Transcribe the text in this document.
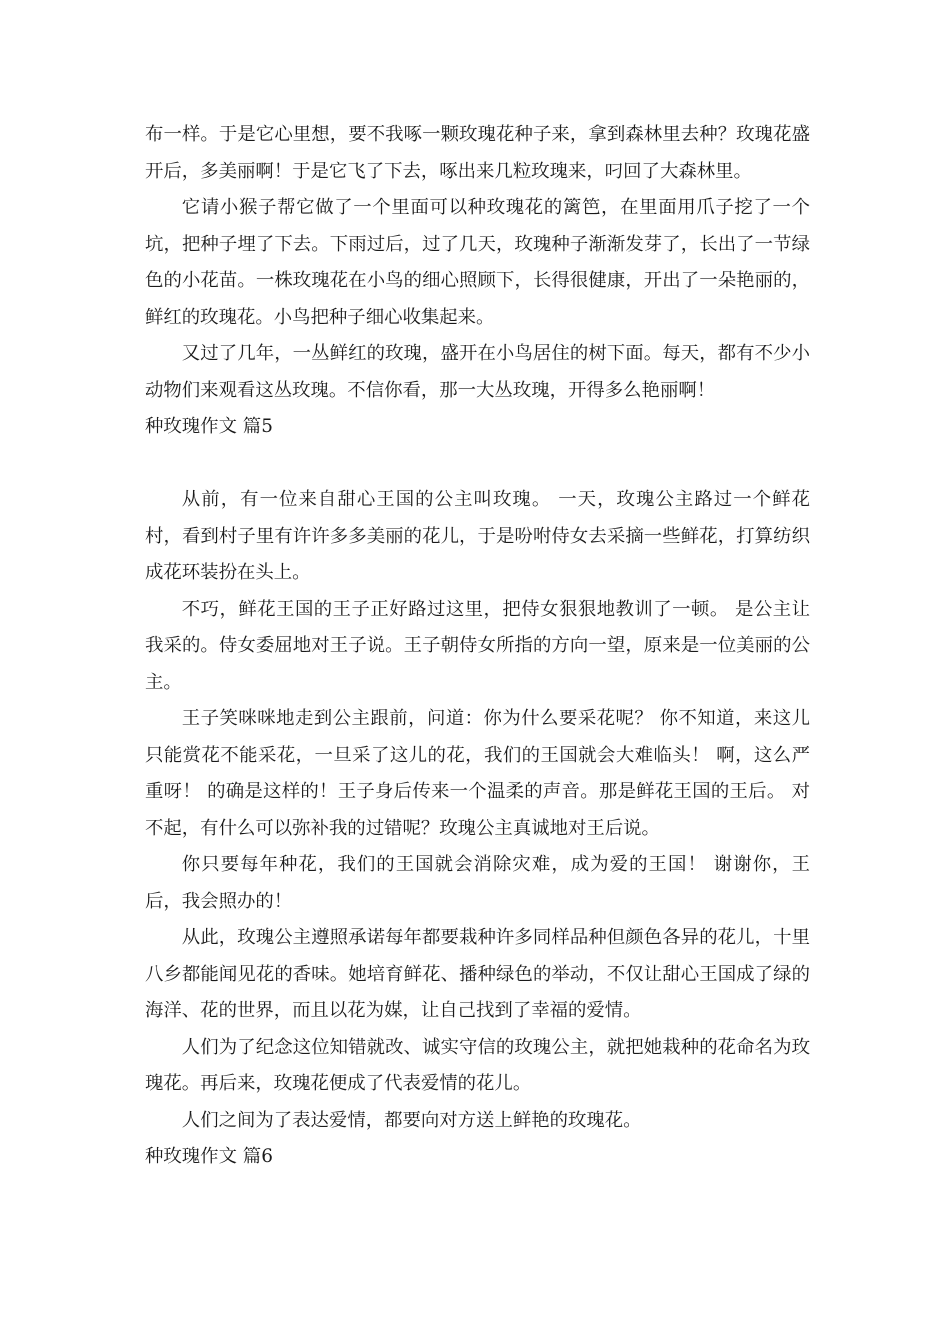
布一样。于是它心里想，要不我啄一颗玫瑰花种子来，拿到森林里去种？玫瑰花盛开后，多美丽啊！于是它飞了下去，啄出来几粒玫瑰来，叼回了大森林里。

它请小猴子帮它做了一个里面可以种玫瑰花的篱笆，在里面用爪子挖了一个坑，把种子埋了下去。下雨过后，过了几天，玫瑰种子渐渐发芽了，长出了一节绿色的小花苗。一株玫瑰花在小鸟的细心照顾下，长得很健康，开出了一朵艳丽的，鲜红的玫瑰花。小鸟把种子细心收集起来。

又过了几年，一丛鲜红的玫瑰，盛开在小鸟居住的树下面。每天，都有不少小动物们来观看这丛玫瑰。不信你看，那一大丛玫瑰，开得多么艳丽啊！

种玫瑰作文 篇5

从前，有一位来自甜心王国的公主叫玫瑰。 一天，玫瑰公主路过一个鲜花村，看到村子里有许许多多美丽的花儿，于是吩咐侍女去采摘一些鲜花，打算纺织成花环装扮在头上。

不巧，鲜花王国的王子正好路过这里，把侍女狠狠地教训了一顿。 是公主让我采的。侍女委屈地对王子说。王子朝侍女所指的方向一望，原来是一位美丽的公主。

王子笑咪咪地走到公主跟前，问道：你为什么要采花呢？ 你不知道，来这儿只能赏花不能采花，一旦采了这儿的花，我们的王国就会大难临头！ 啊，这么严重呀！ 的确是这样的！王子身后传来一个温柔的声音。那是鲜花王国的王后。 对不起，有什么可以弥补我的过错呢？玫瑰公主真诚地对王后说。

你只要每年种花，我们的王国就会消除灾难，成为爱的王国！ 谢谢你，王后，我会照办的！

从此，玫瑰公主遵照承诺每年都要栽种许多同样品种但颜色各异的花儿，十里八乡都能闻见花的香味。她培育鲜花、播种绿色的举动，不仅让甜心王国成了绿的海洋、花的世界，而且以花为媒，让自己找到了幸福的爱情。

人们为了纪念这位知错就改、诚实守信的玫瑰公主，就把她栽种的花命名为玫瑰花。再后来，玫瑰花便成了代表爱情的花儿。

人们之间为了表达爱情，都要向对方送上鲜艳的玫瑰花。

种玫瑰作文 篇6
